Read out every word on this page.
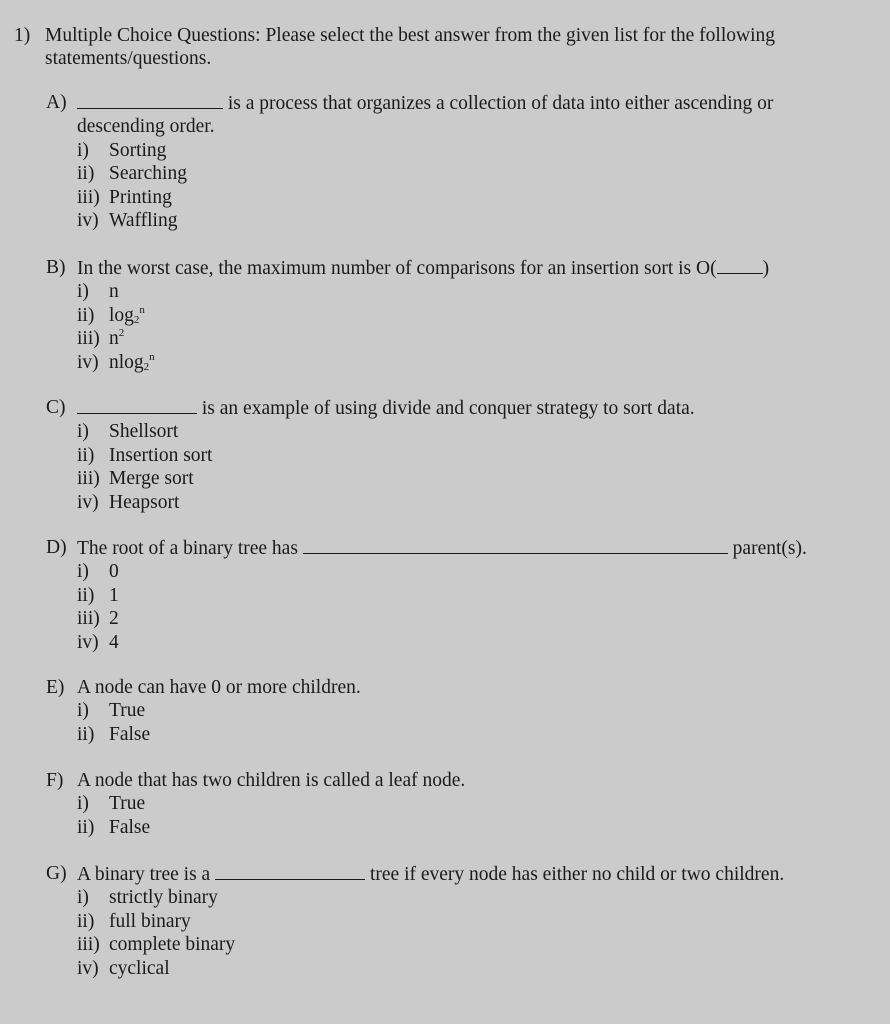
1) Multiple Choice Questions: Please select the best answer from the given list for the following statements/questions.
A)	is a process that organizes a collection of data into either ascending or
descending order.
i) Sorting
ii) Searching
iii) Printing
iv) Waffling
B) In the worst case, the maximum number of comparisons for an insertion sort is O( )
i) n
ii) $\log_2^n$
iii) $n^2$
iv) nlog$_2^n$
C)	is an example of using divide and conquer strategy to sort data.
i) Shellsort
ii) Insertion sort
iii) Merge sort
iv) Heapsort
D) The root of a binary tree has	parent(s).
i) 0
ii) 1
iii) 2
iv) 4
E) A node can have 0 or more children.
i) True
ii) False
F) A node that has two children is called a leaf node.
i) True
ii) False
G) A binary tree is a	tree if every node has either no child or two children.
i) strictly binary
ii) full binary
iii) complete binary
iv) cyclical
